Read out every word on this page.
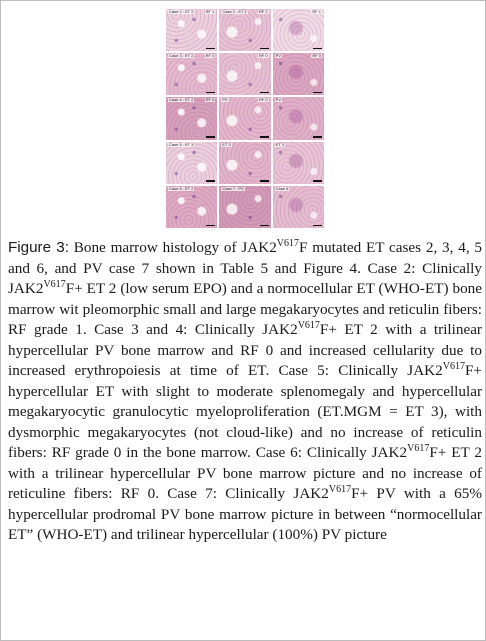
Case 2 : ET 2	RF 1 Case 2 : ET 2	RF 1	RF 1
Case 3 : ET 2	RF 0	RF 0 PV	RF 0
Case 4 : ET 2	RF 0 PV	RF 0 PV
Case 5 : ET 3	ET 3	ET 3
Case 6 : ET 2	Case 7 : PV	Case 6

Figure 3: Bone marrow histology of $JAK2^{V617}F$ mutated ET cases 2, 3, 4, 5 and 6, and PV case 7 shown in Table 5 and Figure 4. Case 2: Clinically $JAK2^{V617}F+$ ET 2 (low serum EPO) and a normocellular ET (WHO-ET) bone marrow wit pleomorphic small and large megakaryocytes and reticulin fibers: RF grade 1. Case 3 and 4: Clinically $JAK2^{V617}F+$ ET 2 with a trilinear hypercellular PV bone marrow and RF 0 and increased cellularity due to increased erythropoiesis at time of ET. Case 5: Clinically $JAK2^{V617}F+$ hypercellular ET with slight to moderate splenomegaly and hypercellular megakaryocytic granulocytic myeloproliferation (ET.MGM = ET 3), with dysmorphic megakaryocytes (not cloud-like) and no increase of reticulin fibers: RF grade 0 in the bone marrow. Case 6: Clinically $JAK2^{V617}F+$ ET 2 with a trilinear hypercellular PV bone marrow picture and no increase of reticuline fibers: RF 0. Case 7: Clinically $JAK2^{V617}F+$ PV with a 65% hypercellular prodromal PV bone marrow picture in between “normocellular ET” (WHO-ET) and trilinear hypercellular (100%) PV picture
